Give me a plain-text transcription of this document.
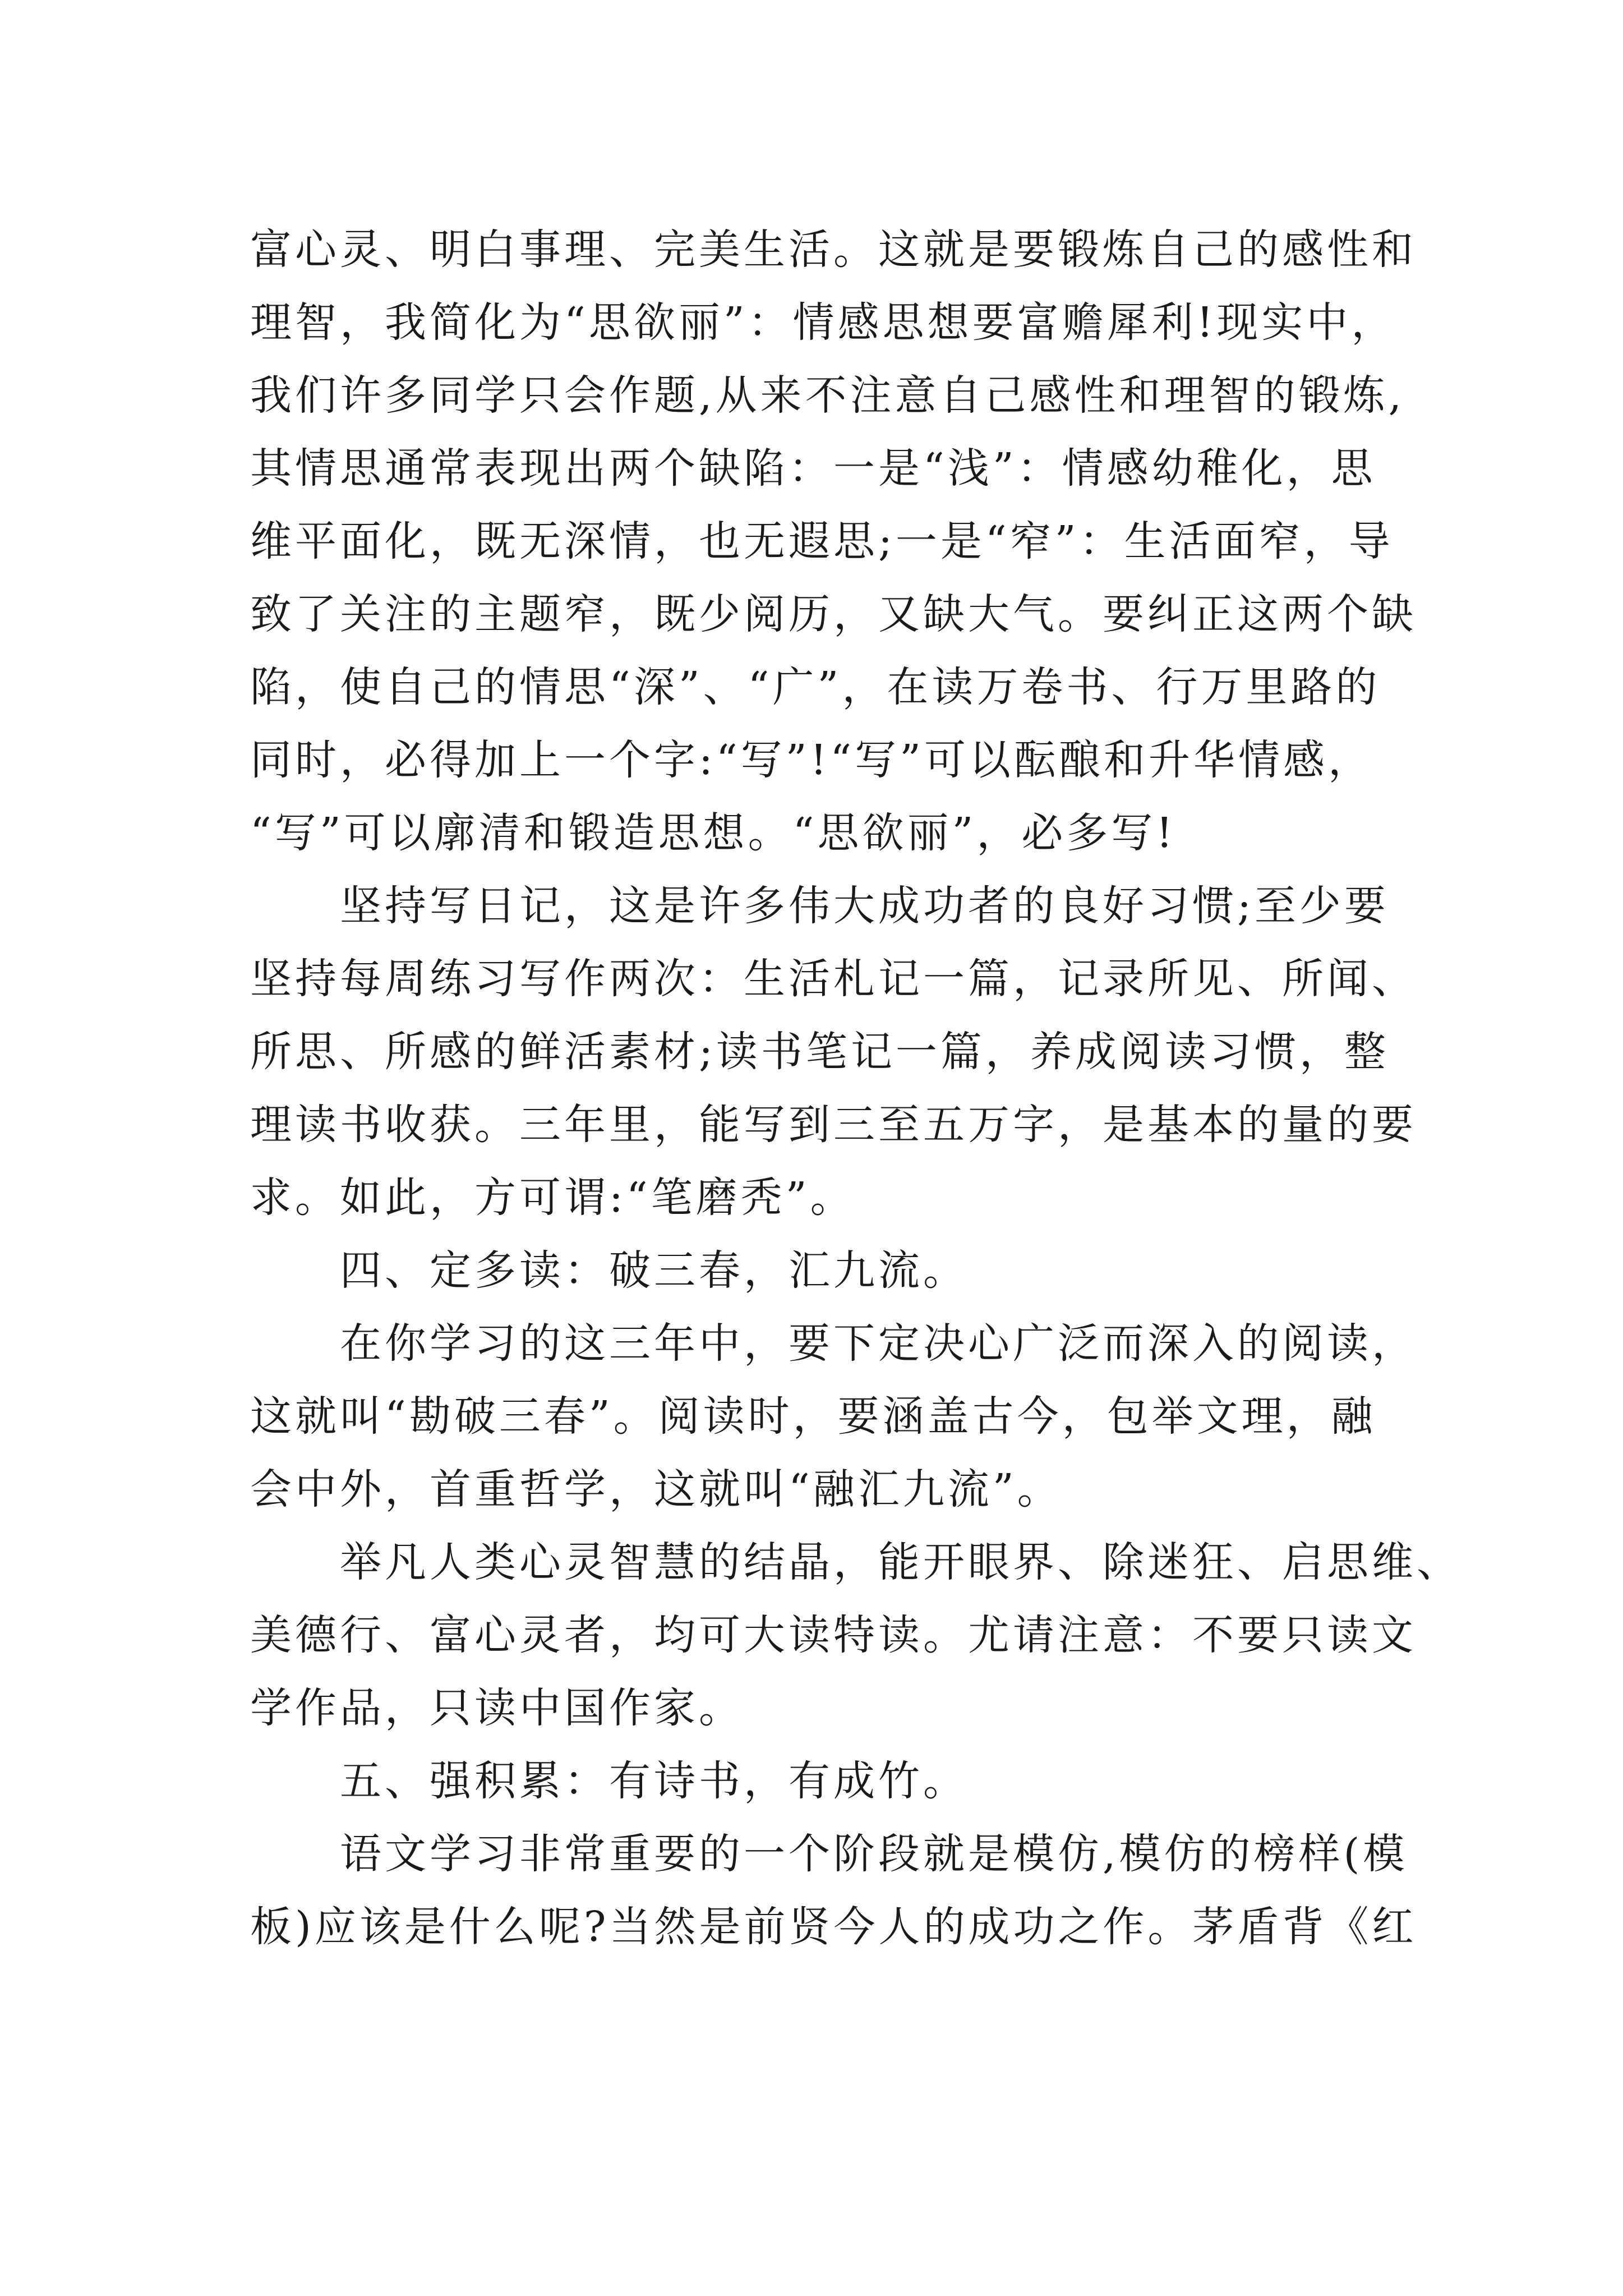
富心灵、明白事理、完美生活。这就是要锻炼自己的感性和
理智，我简化为“思欲丽”：情感思想要富赡犀利!现实中，
我们许多同学只会作题,从来不注意自己感性和理智的锻炼,
其情思通常表现出两个缺陷：一是“浅”：情感幼稚化，思
维平面化，既无深情，也无遐思;一是“窄”：生活面窄，导
致了关注的主题窄，既少阅历，又缺大气。要纠正这两个缺
陷，使自己的情思“深”、“广”，在读万卷书、行万里路的
同时，必得加上一个字:“写”!“写”可以酝酿和升华情感，
“写”可以廓清和锻造思想。“思欲丽”，必多写!
　　坚持写日记，这是许多伟大成功者的良好习惯;至少要
坚持每周练习写作两次：生活札记一篇，记录所见、所闻、
所思、所感的鲜活素材;读书笔记一篇，养成阅读习惯，整
理读书收获。三年里，能写到三至五万字，是基本的量的要
求。如此，方可谓:“笔磨秃”。
　　四、定多读：破三春，汇九流。
　　在你学习的这三年中，要下定决心广泛而深入的阅读，
这就叫“勘破三春”。阅读时，要涵盖古今，包举文理，融
会中外，首重哲学，这就叫“融汇九流”。
　　举凡人类心灵智慧的结晶，能开眼界、除迷狂、启思维、
美德行、富心灵者，均可大读特读。尤请注意：不要只读文
学作品，只读中国作家。
　　五、强积累：有诗书，有成竹。
　　语文学习非常重要的一个阶段就是模仿,模仿的榜样(模
板)应该是什么呢?当然是前贤今人的成功之作。茅盾背《红
